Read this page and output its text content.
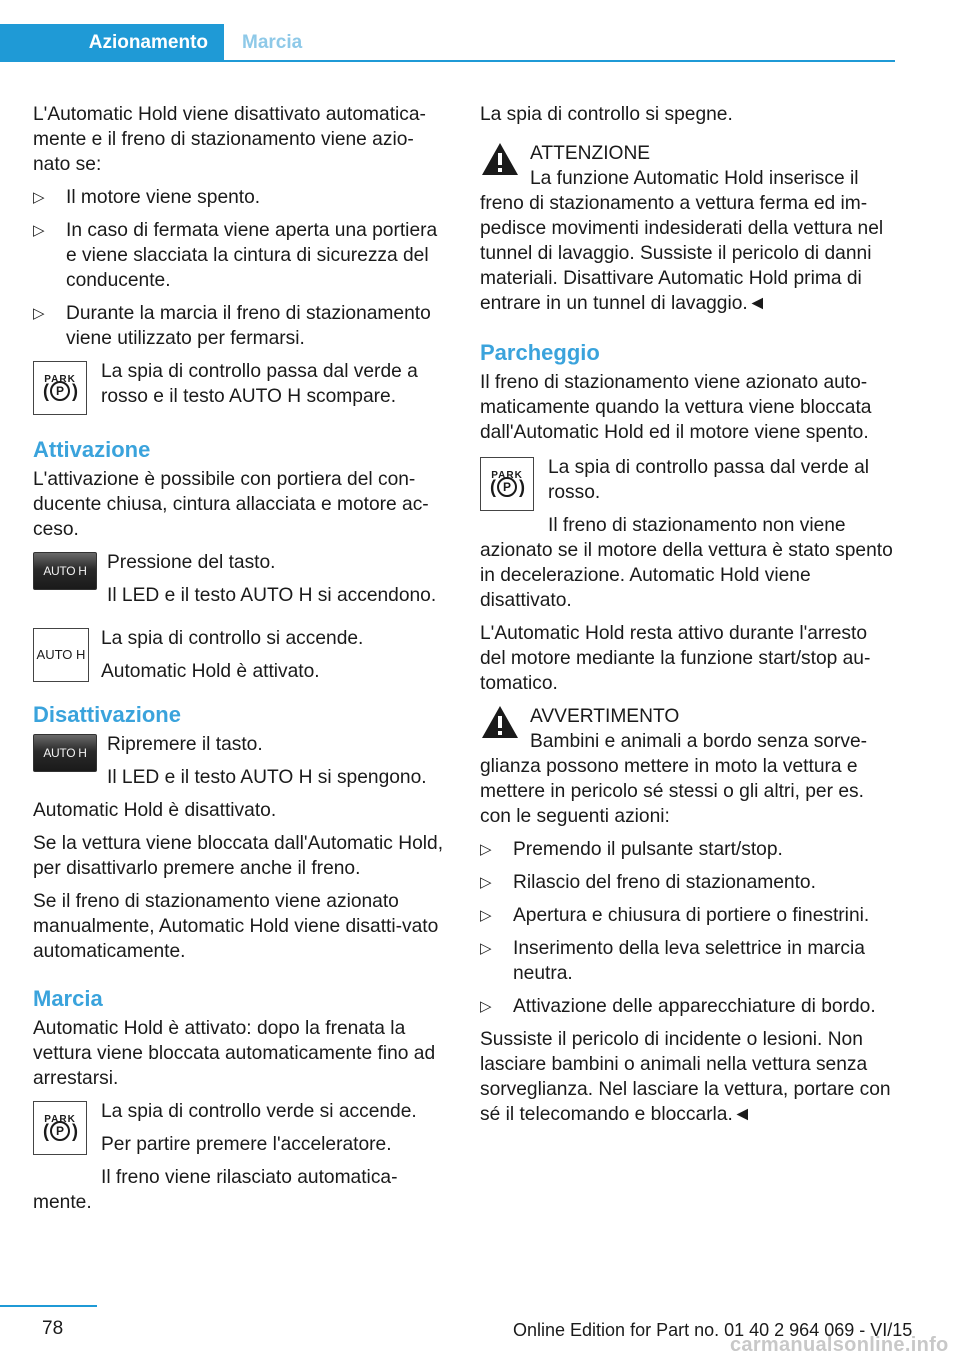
Azionamento	Marcia

L'Automatic Hold viene disattivato automatica-mente e il freno di stazionamento viene azio-nato se:

▷ Il motore viene spento.
▷ In caso di fermata viene aperta una portiera e viene slacciata la cintura di sicurezza del conducente.
▷ Durante la marcia il freno di stazionamento viene utilizzato per fermarsi.
PARK
( P )

La spia di controllo passa dal verde a rosso e il testo AUTO H scompare.

Attivazione

L'attivazione è possibile con portiera del con-ducente chiusa, cintura allacciata e motore ac-ceso.

AUTO H	Pressione del tasto.

Il LED e il testo AUTO H si accendono.

AUTO H

La spia di controllo si accende.

Automatic Hold è attivato.

Disattivazione
AUTO H	Ripremere il tasto.

Il LED e il testo AUTO H si spengono.

Automatic Hold è disattivato.

Se la vettura viene bloccata dall'Automatic Hold, per disattivarlo premere anche il freno.

Se il freno di stazionamento viene azionato manualmente, Automatic Hold viene disatti-vato automaticamente.

Marcia

Automatic Hold è attivato: dopo la frenata la vettura viene bloccata automaticamente fino ad arrestarsi.

PARK
( P )

La spia di controllo verde si accende.

Per partire premere l'acceleratore.

Il freno viene rilasciato automatica-

mente.

La spia di controllo si spegne.

ATTENZIONE

La funzione Automatic Hold inserisce il freno di stazionamento a vettura ferma ed im-pedisce movimenti indesiderati della vettura nel tunnel di lavaggio. Sussiste il pericolo di danni materiali. Disattivare Automatic Hold prima di entrare in un tunnel di lavaggio.◄

Parcheggio

Il freno di stazionamento viene azionato auto-maticamente quando la vettura viene bloccata dall'Automatic Hold ed il motore viene spento.

PARK
( P )

La spia di controllo passa dal verde al rosso.

Il freno di stazionamento non viene

azionato se il motore della vettura è stato spento in decelerazione. Automatic Hold viene disattivato.

L'Automatic Hold resta attivo durante l'arresto del motore mediante la funzione start/stop au-tomatico.

AVVERTIMENTO

Bambini e animali a bordo senza sorve-glianza possono mettere in moto la vettura e mettere in pericolo sé stessi o gli altri, per es. con le seguenti azioni:

▷ Premendo il pulsante start/stop.
▷ Rilascio del freno di stazionamento.
▷ Apertura e chiusura di portiere o finestrini.
▷ Inserimento della leva selettrice in marcia neutra.
▷ Attivazione delle apparecchiature di bordo.

Sussiste il pericolo di incidente o lesioni. Non lasciare bambini o animali nella vettura senza sorveglianza. Nel lasciare la vettura, portare con sé il telecomando e bloccarla.◄

78	Online Edition for Part no. 01 40 2 964 069 - VI/15
carmanualsonline.info
